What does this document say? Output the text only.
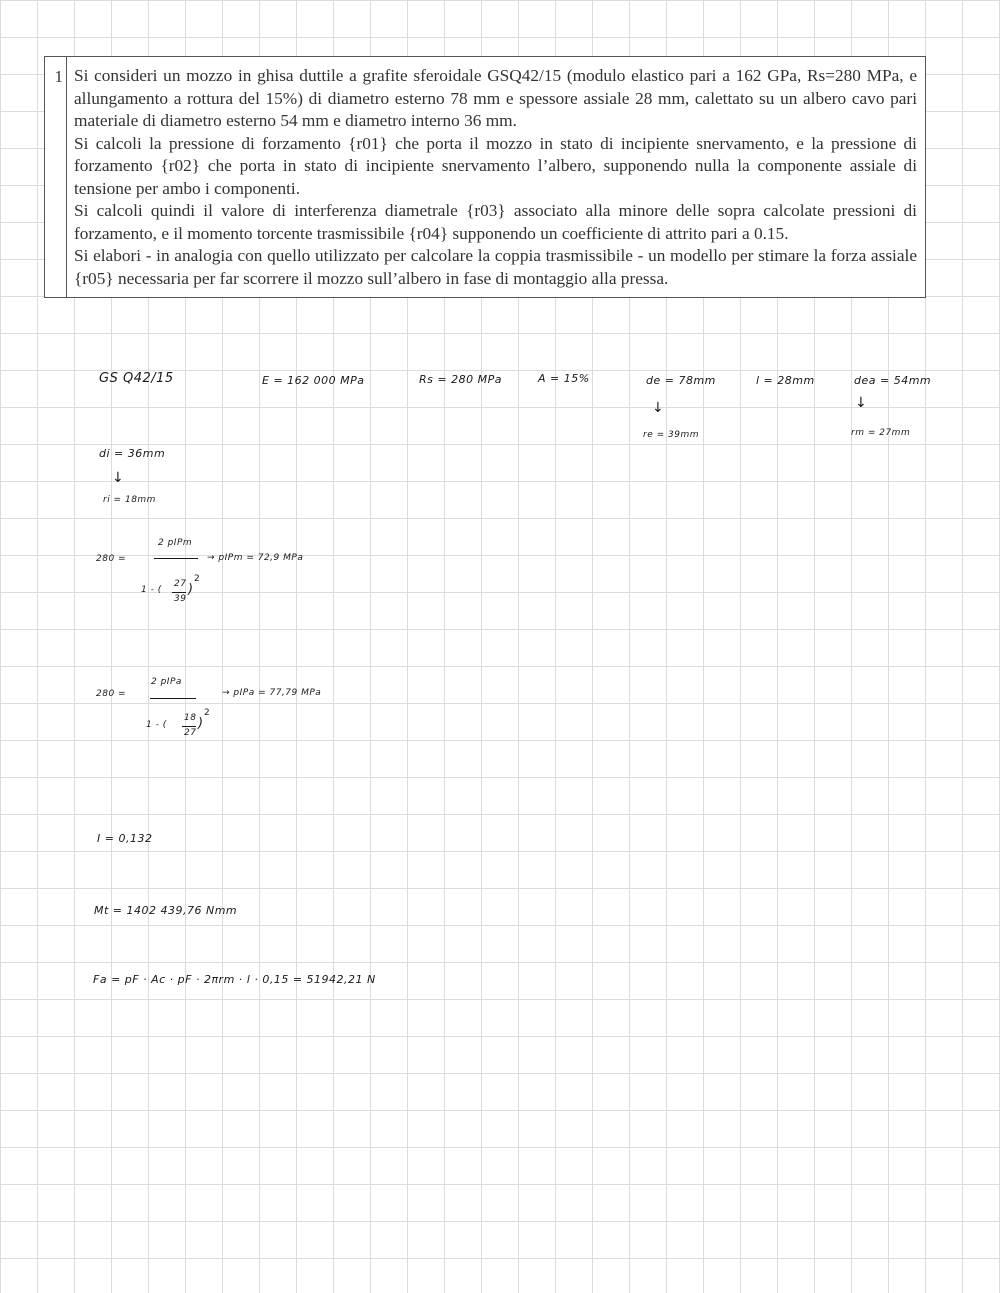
1 Si consideri un mozzo in ghisa duttile a grafite sferoidale GSQ42/15 (modulo elastico pari a 162 GPa, Rs=280 MPa, e allungamento a rottura del 15%) di diametro esterno 78 mm e spessore assiale 28 mm, calettato su un albero cavo pari materiale di diametro esterno 54 mm e diametro interno 36 mm.

Si calcoli la pressione di forzamento {r01} che porta il mozzo in stato di incipiente snervamento, e la pressione di forzamento {r02} che porta in stato di incipiente snervamento l’albero, supponendo nulla la componente assiale di tensione per ambo i componenti.

Si calcoli quindi il valore di interferenza diametrale {r03} associato alla minore delle sopra calcolate pressioni di forzamento, e il momento torcente trasmissibile {r04} supponendo un coefficiente di attrito pari a 0.15.

Si elabori - in analogia con quello utilizzato per calcolare la coppia trasmissibile - un modello per stimare la forza assiale {r05} necessaria per far scorrere il mozzo sull’albero in fase di montaggio alla pressa.

GS Q42/15	E = 162 000 MPa	Rs = 280 MPa	A = 15%	de = 78mm
↓
re = 39mm
l = 28mm	dea = 54mm
↓
rm = 27mm
di = 36mm
↓
ri = 18mm
280 =
2 pIPm
1 - (
27
39
)
2
→ pIPm = 72,9 MPa
280 =
2 pIPa
1 - (
18
27
)
2
→ pIPa = 77,79 MPa
I = 0,132
Mt = 1402 439,76 Nmm
Fa = pF · Ac · pF · 2πrm · l · 0,15 = 51942,21 N
